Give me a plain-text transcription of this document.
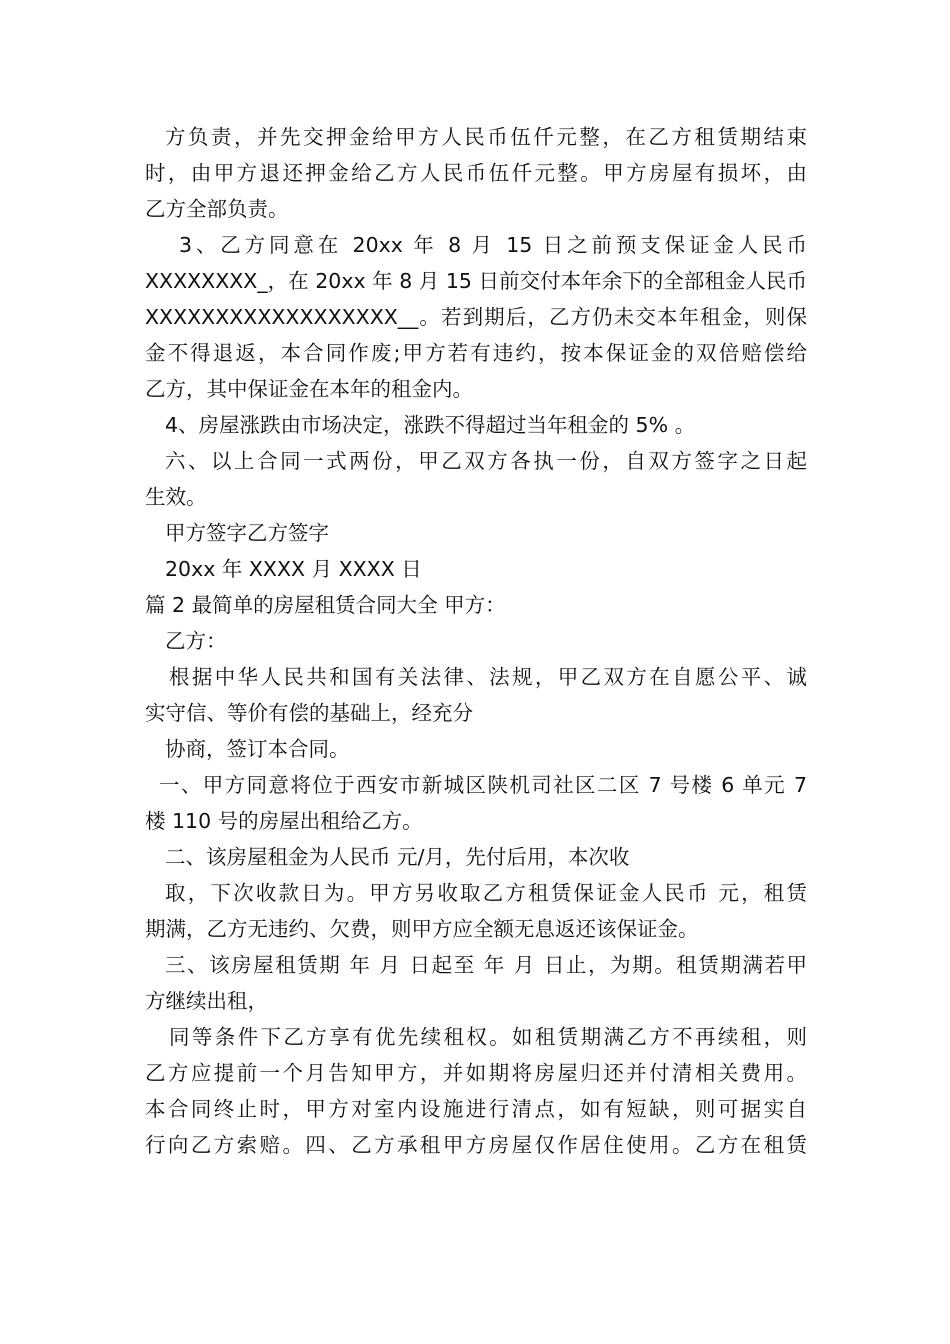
方负责，并先交押金给甲方人民币伍仟元整，在乙方租赁期结束
时，由甲方退还押金给乙方人民币伍仟元整。甲方房屋有损坏，由
乙方全部负责。
3、乙方同意在 20xx 年 8 月 15 日之前预支保证金人民币
XXXXXXXX_，在 20xx 年 8 月 15 日前交付本年余下的全部租金人民币
XXXXXXXXXXXXXXXXXX__。若到期后，乙方仍未交本年租金，则保
金不得退返，本合同作废;甲方若有违约，按本保证金的双倍赔偿给
乙方，其中保证金在本年的租金内。
4、房屋涨跌由市场决定，涨跌不得超过当年租金的 5% 。
六、以上合同一式两份，甲乙双方各执一份，自双方签字之日起
生效。
甲方签字乙方签字
20xx 年 XXXX 月 XXXX 日
篇 2 最简单的房屋租赁合同大全 甲方：
乙方：
根据中华人民共和国有关法律、法规，甲乙双方在自愿公平、诚
实守信、等价有偿的基础上，经充分
协商，签订本合同。
一、甲方同意将位于西安市新城区陕机司社区二区 7 号楼 6 单元 7
楼 110 号的房屋出租给乙方。
二、该房屋租金为人民币 元/月，先付后用，本次收
取，下次收款日为。甲方另收取乙方租赁保证金人民币 元，租赁
期满，乙方无违约、欠费，则甲方应全额无息返还该保证金。
三、该房屋租赁期 年 月 日起至 年 月 日止，为期。租赁期满若甲
方继续出租，
同等条件下乙方享有优先续租权。如租赁期满乙方不再续租，则
乙方应提前一个月告知甲方，并如期将房屋归还并付清相关费用。
本合同终止时，甲方对室内设施进行清点，如有短缺，则可据实自
行向乙方索赔。四、乙方承租甲方房屋仅作居住使用。乙方在租赁
